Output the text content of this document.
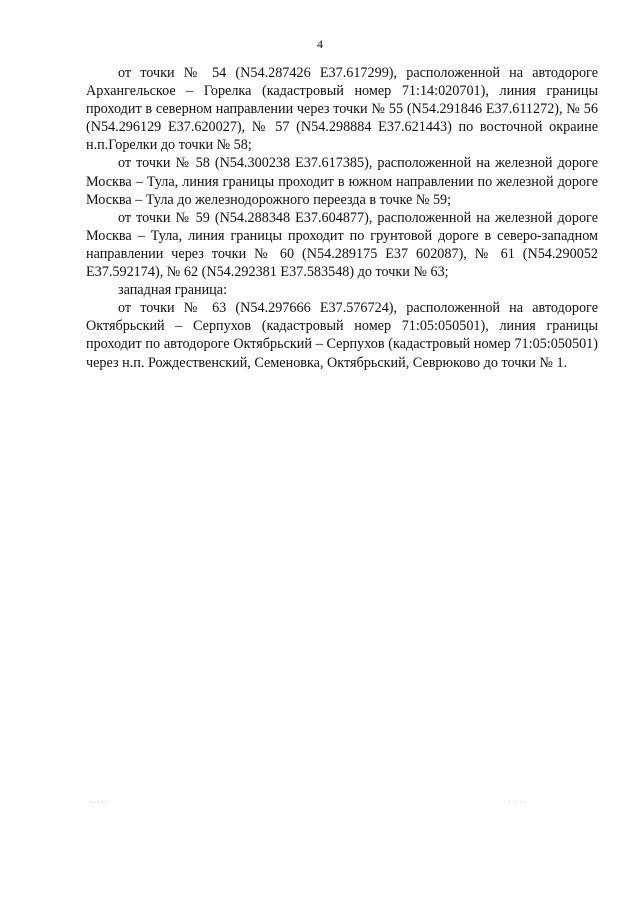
4

от точки № 54 (N54.287426 E37.617299), расположенной на автодороге Архангельское – Горелка (кадастровый номер 71:14:020701), линия границы проходит в северном направлении через точки № 55 (N54.291846 E37.611272), № 56 (N54.296129 E37.620027), № 57 (N54.298884 E37.621443) по восточной окраине н.п.Горелки до точки № 58;

от точки № 58 (N54.300238 E37.617385), расположенной на железной дороге Москва – Тула, линия границы проходит в южном направлении по железной дороге Москва – Тула до железнодорожного переезда в точке № 59;

от точки № 59 (N54.288348 E37.604877), расположенной на железной дороге Москва – Тула, линия границы проходит по грунтовой дороге в северо-западном направлении через точки № 60 (N54.289175 E37 602087), № 61 (N54.290052 E37.592174), № 62 (N54.292381 E37.583548) до точки № 63;

западная граница:

от точки № 63 (N54.297666 E37.576724), расположенной на автодороге Октябрьский – Серпухов (кадастровый номер 71:05:050501), линия границы проходит по автодороге Октябрьский – Серпухов (кадастровый номер 71:05:050501) через н.п. Рождественский, Семеновка, Октябрьский, Севрюково до точки № 1.

·····	·····
